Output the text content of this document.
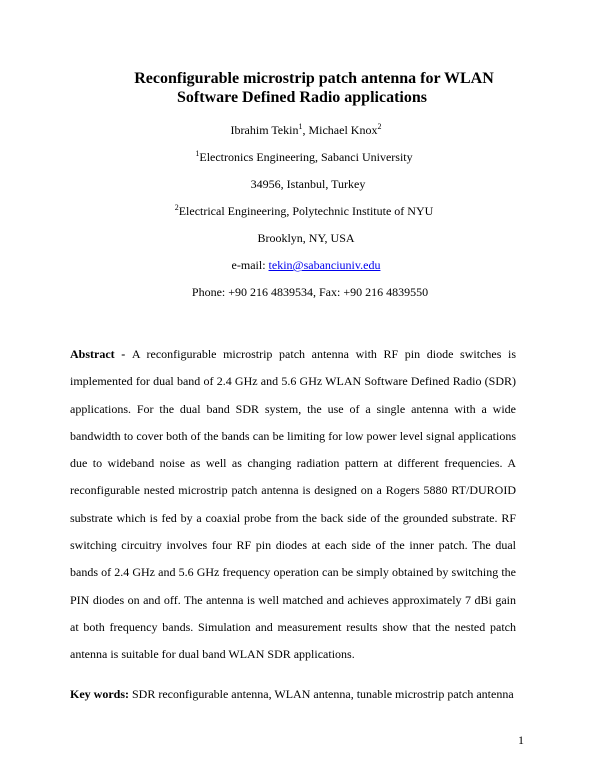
Reconfigurable microstrip patch antenna for WLAN
Software Defined Radio applications
Ibrahim Tekin$^1$, Michael Knox$^2$
$^1$Electronics Engineering, Sabanci University
34956, Istanbul, Turkey
$^2$Electrical Engineering, Polytechnic Institute of NYU
Brooklyn, NY, USA
e-mail: tekin@sabanciuniv.edu
Phone: +90 216 4839534, Fax: +90 216 4839550
Abstract - A reconfigurable microstrip patch antenna with RF pin diode switches is implemented for dual band of 2.4 GHz and 5.6 GHz WLAN Software Defined Radio (SDR) applications. For the dual band SDR system, the use of a single antenna with a wide bandwidth to cover both of the bands can be limiting for low power level signal applications due to wideband noise as well as changing radiation pattern at different frequencies. A reconfigurable nested microstrip patch antenna is designed on a Rogers 5880 RT/DUROID substrate which is fed by a coaxial probe from the back side of the grounded substrate. RF switching circuitry involves four RF pin diodes at each side of the inner patch. The dual bands of 2.4 GHz and 5.6 GHz frequency operation can be simply obtained by switching the PIN diodes on and off. The antenna is well matched and achieves approximately 7 dBi gain at both frequency bands. Simulation and measurement results show that the nested patch antenna is suitable for dual band WLAN SDR applications.
Key words: SDR reconfigurable antenna, WLAN antenna, tunable microstrip patch antenna
1
